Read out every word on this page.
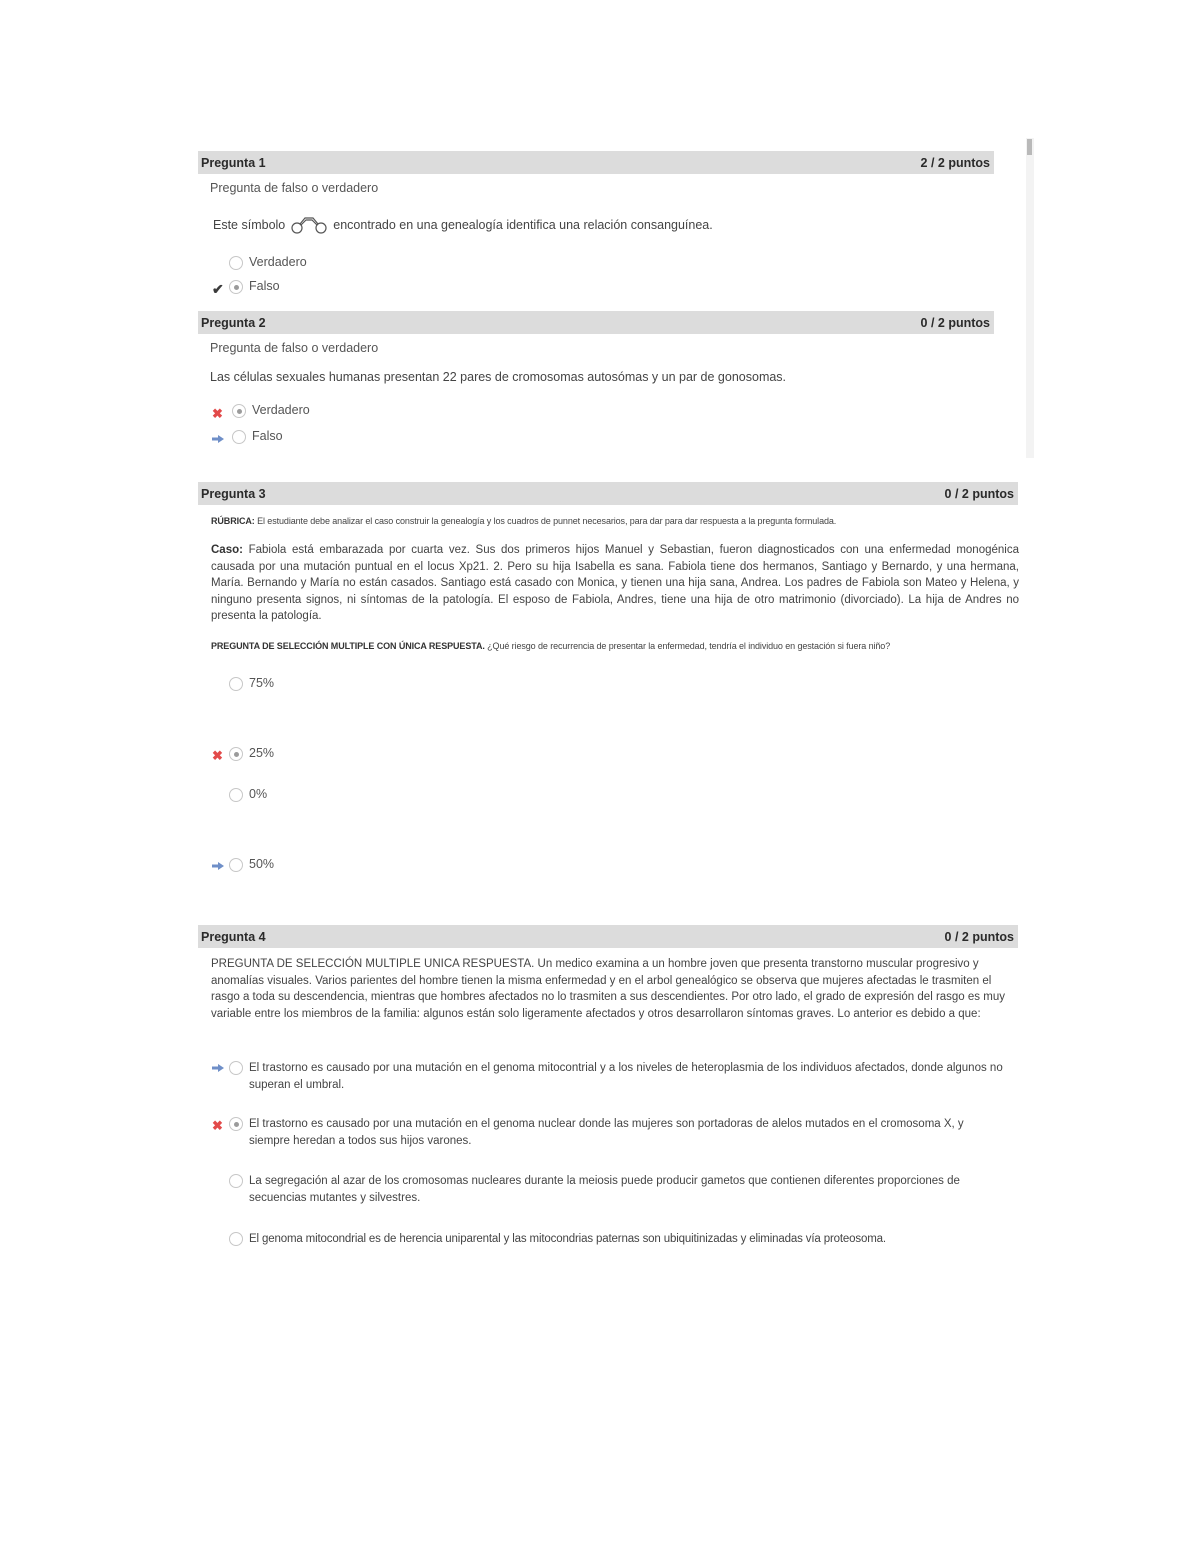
Pregunta 1	2 / 2 puntos
Pregunta de falso o verdadero
Este símbolo	encontrado en una genealogía identifica una relación consanguínea.
Verdadero
✔ Falso
Pregunta 2	0 / 2 puntos
Pregunta de falso o verdadero
Las células sexuales humanas presentan 22 pares de cromosomas autosómas y un par de gonosomas.
✖ Verdadero
Falso
Pregunta 3	0 / 2 puntos
RÚBRICA: El estudiante debe analizar el caso construir la genealogía y los cuadros de punnet necesarios, para dar para dar respuesta a la pregunta formulada.
Caso: Fabiola está embarazada por cuarta vez. Sus dos primeros hijos Manuel y Sebastian, fueron diagnosticados con una enfermedad monogénica causada por una mutación puntual en el locus Xp21. 2. Pero su hija Isabella es sana. Fabiola tiene dos hermanos, Santiago y Bernardo, y una hermana, María. Bernando y María no están casados. Santiago está casado con Monica, y tienen una hija sana, Andrea. Los padres de Fabiola son Mateo y Helena, y ninguno presenta signos, ni síntomas de la patología. El esposo de Fabiola, Andres, tiene una hija de otro matrimonio (divorciado). La hija de Andres no presenta la patología.
PREGUNTA DE SELECCIÓN MULTIPLE CON ÚNICA RESPUESTA. ¿Qué riesgo de recurrencia de presentar la enfermedad, tendría el individuo en gestación si fuera niño?
75%
✖ 25%
0%
50%
Pregunta 4	0 / 2 puntos
PREGUNTA DE SELECCIÓN MULTIPLE UNICA RESPUESTA. Un medico examina a un hombre joven que presenta transtorno muscular progresivo y anomalías visuales. Varios parientes del hombre tienen la misma enfermedad y en el arbol genealógico se observa que mujeres afectadas le trasmiten el rasgo a toda su descendencia, mientras que hombres afectados no lo trasmiten a sus descendientes. Por otro lado, el grado de expresión del rasgo es muy variable entre los miembros de la familia: algunos están solo ligeramente afectados y otros desarrollaron síntomas graves. Lo anterior es debido a que:
El trastorno es causado por una mutación en el genoma mitocontrial y a los niveles de heteroplasmia de los individuos afectados, donde algunos no superan el umbral.
✖ El trastorno es causado por una mutación en el genoma nuclear donde las mujeres son portadoras de alelos mutados en el cromosoma X, y siempre heredan a todos sus hijos varones.
La segregación al azar de los cromosomas nucleares durante la meiosis puede producir gametos que contienen diferentes proporciones de secuencias mutantes y silvestres.
El genoma mitocondrial es de herencia uniparental y las mitocondrias paternas son ubiquitinizadas y eliminadas vía proteosoma.
